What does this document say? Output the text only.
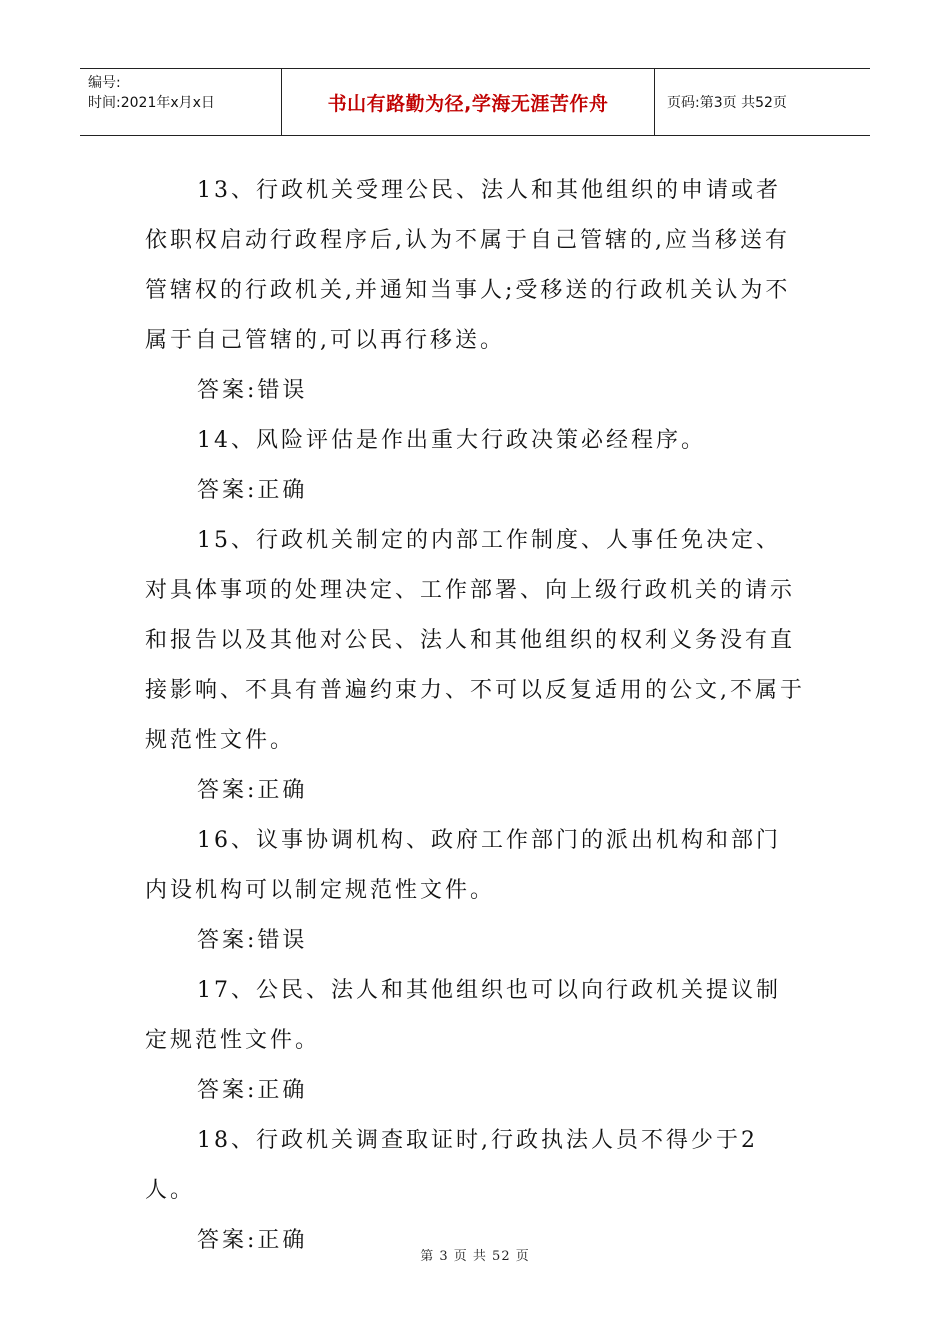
编号:
时间:2021年x月x日	书山有路勤为径,学海无涯苦作舟	页码:第3页 共52页

13、行政机关受理公民、法人和其他组织的申请或者依职权启动行政程序后,认为不属于自己管辖的,应当移送有管辖权的行政机关,并通知当事人;受移送的行政机关认为不属于自己管辖的,可以再行移送。

答案:错误

14、风险评估是作出重大行政决策必经程序。

答案:正确

15、行政机关制定的内部工作制度、人事任免决定、对具体事项的处理决定、工作部署、向上级行政机关的请示和报告以及其他对公民、法人和其他组织的权利义务没有直接影响、不具有普遍约束力、不可以反复适用的公文,不属于规范性文件。

答案:正确

16、议事协调机构、政府工作部门的派出机构和部门内设机构可以制定规范性文件。

答案:错误

17、公民、法人和其他组织也可以向行政机关提议制定规范性文件。

答案:正确

18、行政机关调查取证时,行政执法人员不得少于2人。

答案:正确

第 3 页 共 52 页
